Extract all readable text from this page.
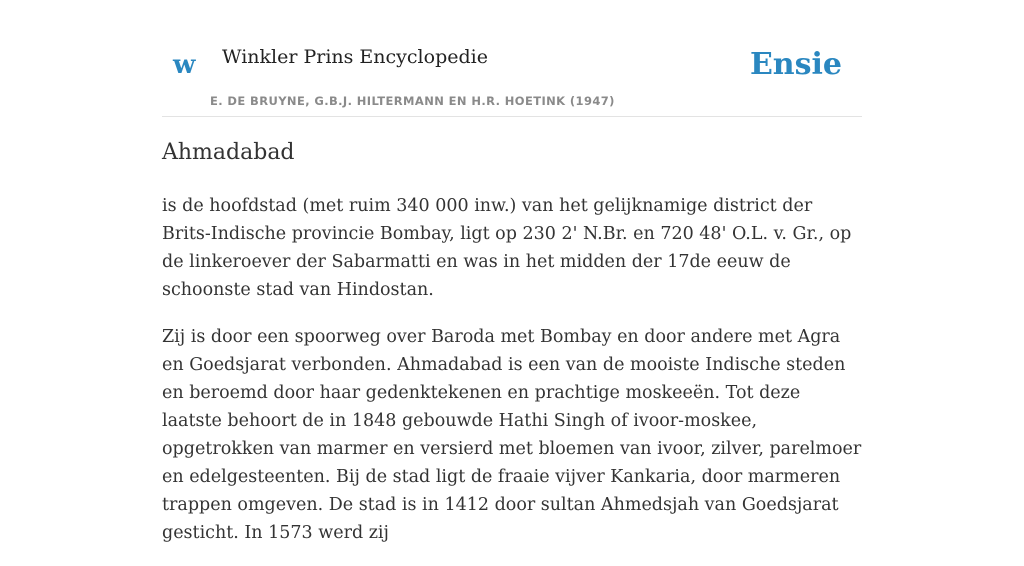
w Winkler Prins Encyclopedie
E. DE BRUYNE, G.B.J. HILTERMANN EN H.R. HOETINK (1947)
Ensie
Ahmadabad

is de hoofdstad (met ruim 340 000 inw.) van het gelijknamige district der Brits-Indische provincie Bombay, ligt op 230 2' N.Br. en 720 48' O.L. v. Gr., op de linkeroever der Sabarmatti en was in het midden der 17de eeuw de schoonste stad van Hindostan.

Zij is door een spoorweg over Baroda met Bombay en door andere met Agra en Goedsjarat verbonden. Ahmadabad is een van de mooiste Indische steden en beroemd door haar gedenktekenen en prachtige moskeeën. Tot deze laatste behoort de in 1848 gebouwde Hathi Singh of ivoor-moskee, opgetrokken van marmer en versierd met bloemen van ivoor, zilver, parelmoer en edelgesteenten. Bij de stad ligt de fraaie vijver Kankaria, door marmeren trappen omgeven. De stad is in 1412 door sultan Ahmedsjah van Goedsjarat gesticht. In 1573 werd zij
